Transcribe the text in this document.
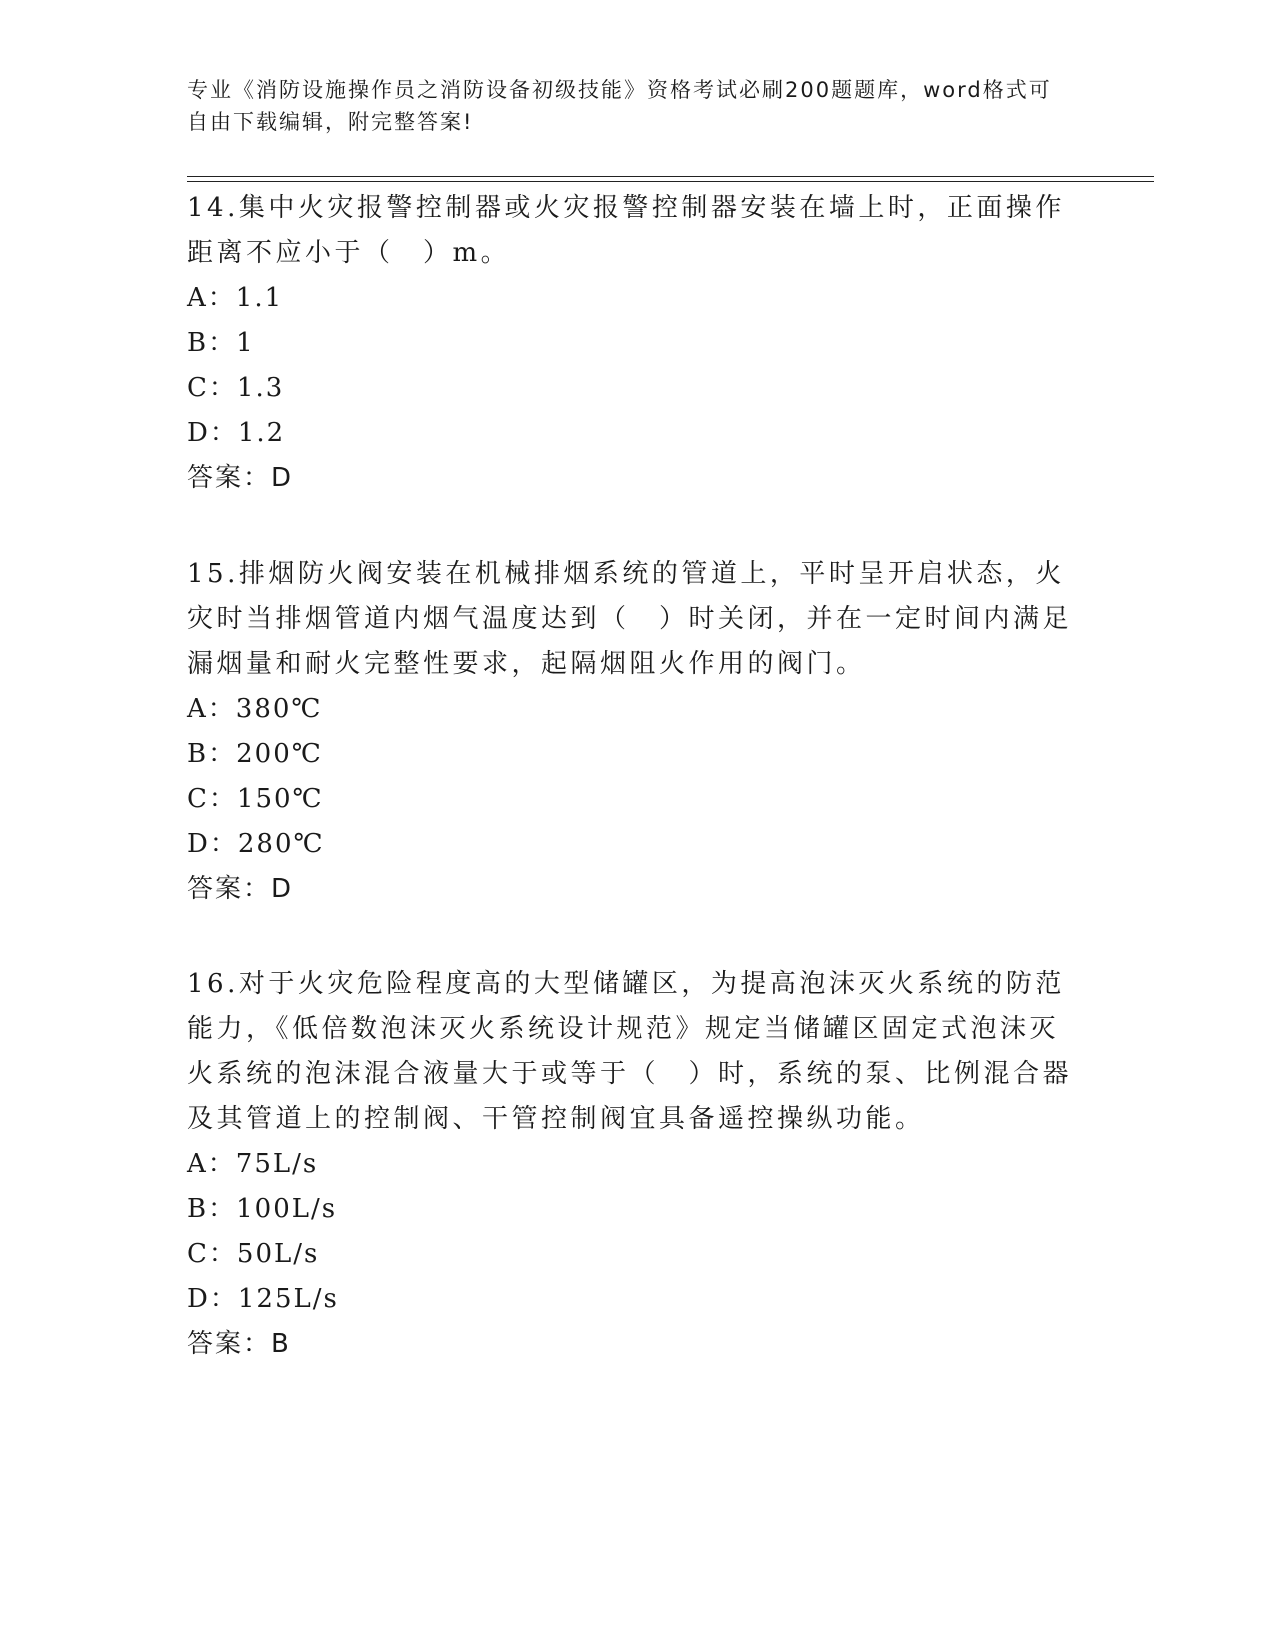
专业《消防设施操作员之消防设备初级技能》资格考试必刷200题题库，word格式可自由下载编辑，附完整答案!

14.集中火灾报警控制器或火灾报警控制器安装在墙上时，正面操作距离不应小于（　）m。

A：1.1

B：1

C：1.3

D：1.2

答案：D

15.排烟防火阀安装在机械排烟系统的管道上，平时呈开启状态，火灾时当排烟管道内烟气温度达到（　）时关闭，并在一定时间内满足漏烟量和耐火完整性要求，起隔烟阻火作用的阀门。

A：380℃

B：200℃

C：150℃

D：280℃

答案：D

16.对于火灾危险程度高的大型储罐区，为提高泡沫灭火系统的防范能力，《低倍数泡沫灭火系统设计规范》规定当储罐区固定式泡沫灭火系统的泡沫混合液量大于或等于（　）时，系统的泵、比例混合器及其管道上的控制阀、干管控制阀宜具备遥控操纵功能。

A：75L/s

B：100L/s

C：50L/s

D：125L/s

答案：B
